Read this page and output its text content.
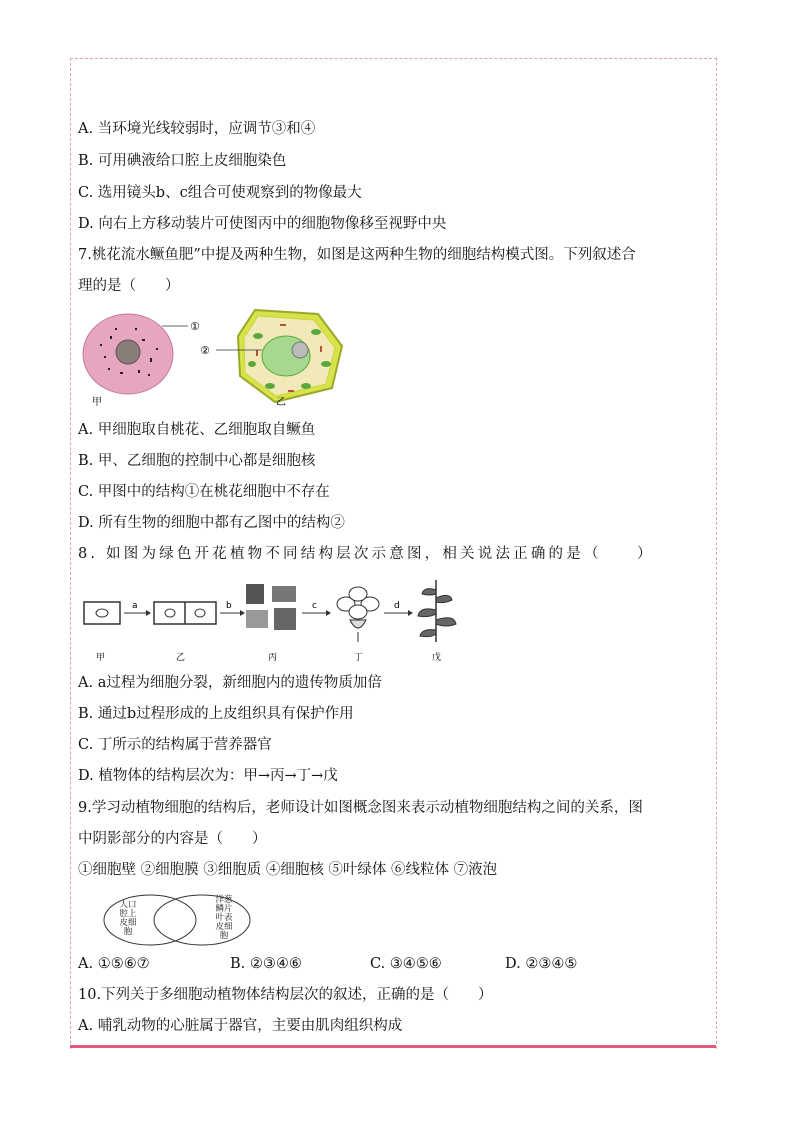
A. 当环境光线较弱时，应调节③和④
B. 可用碘液给口腔上皮细胞染色
C. 选用镜头b、c组合可使观察到的物像最大
D. 向右上方移动装片可使图丙中的细胞物像移至视野中央
7.桃花流水鳜鱼肥”中提及两种生物，如图是这两种生物的细胞结构模式图。下列叙述合
理的是（　　）
①
甲
②
乙
A. 甲细胞取自桃花、乙细胞取自鳜鱼
B. 甲、乙细胞的控制中心都是细胞核
C. 甲图中的结构①在桃花细胞中不存在
D. 所有生物的细胞中都有乙图中的结构②
8. 如图为绿色开花植物不同结构层次示意图，相关说法正确的是（　　）
a	b	c	d
甲	乙	丙	丁	戊
A. a过程为细胞分裂，新细胞内的遗传物质加倍
B. 通过b过程形成的上皮组织具有保护作用
C. 丁所示的结构属于营养器官
D. 植物体的结构层次为：甲→丙→丁→戊
9.学习动植物细胞的结构后，老师设计如图概念图来表示动植物细胞结构之间的关系，图
中阴影部分的内容是（　　）
①细胞壁 ②细胞膜 ③细胞质 ④细胞核 ⑤叶绿体 ⑥线粒体 ⑦液泡
人口
腔上
皮细
胞
洋葱
鳞片
叶表
皮细
胞
A. ①⑤⑥⑦	B. ②③④⑥	C. ③④⑤⑥	D. ②③④⑤
10.下列关于多细胞动植物体结构层次的叙述，正确的是（　　）
A. 哺乳动物的心脏属于器官，主要由肌肉组织构成
